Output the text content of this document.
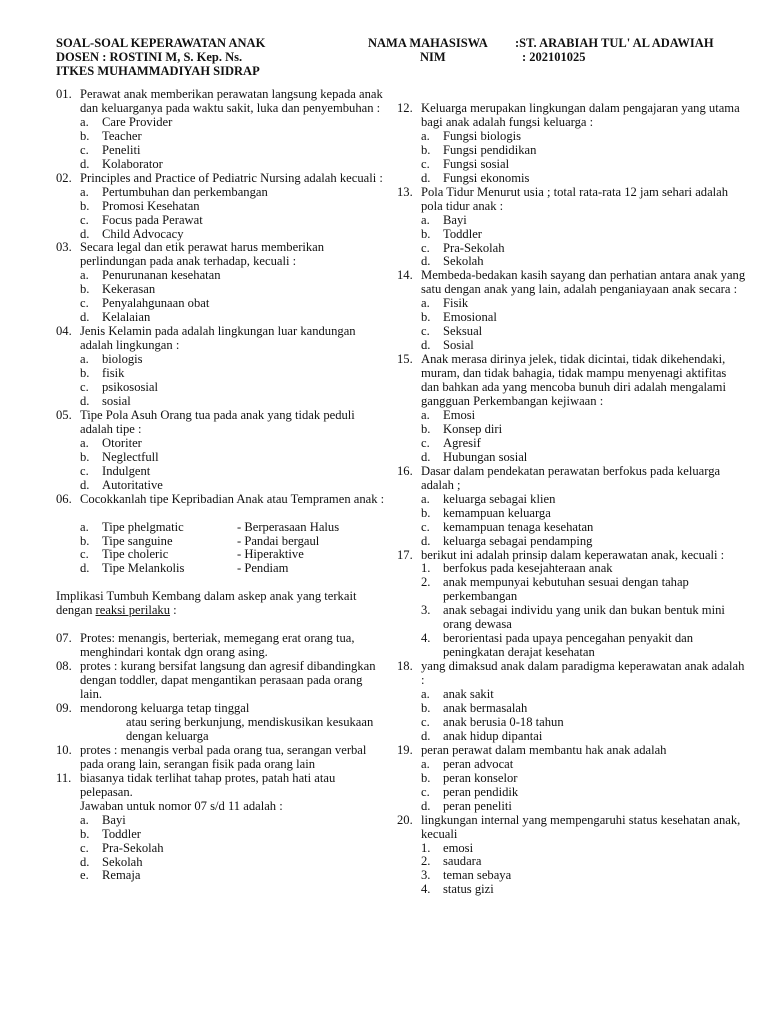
SOAL-SOAL KEPERAWATAN ANAK
DOSEN : ROSTINI M, S. Kep. Ns.
ITKES MUHAMMADIYAH SIDRAP
NAMA MAHASISWA :ST. ARABIAH TUL' AL ADAWIAH
NIM	: 202101025
01. Perawat anak memberikan perawatan langsung kepada anak dan keluarganya pada waktu sakit, luka dan penyembuhan :
a. Care Provider
b. Teacher
c. Peneliti
d. Kolaborator
02. Principles and Practice of Pediatric Nursing adalah kecuali :
a. Pertumbuhan dan perkembangan
b. Promosi Kesehatan
c. Focus pada Perawat
d. Child Advocacy
03. Secara legal dan etik perawat harus memberikan perlindungan pada anak terhadap, kecuali :
a. Penurunanan kesehatan
b. Kekerasan
c. Penyalahgunaan obat
d. Kelalaian
04. Jenis Kelamin pada adalah lingkungan luar kandungan adalah lingkungan :
a. biologis
b. fisik
c. psikososial
d. sosial
05. Tipe Pola Asuh Orang tua pada anak yang tidak peduli adalah tipe :
a. Otoriter
b. Neglectfull
c. Indulgent
d. Autoritative
06. Cocokkanlah tipe Kepribadian Anak atau Tempramen anak :
a. Tipe phelgmatic	- Berperasaan Halus
b. Tipe sanguine	- Pandai bergaul
c. Tipe choleric	- Hiperaktive
d. Tipe Melankolis	- Pendiam
Implikasi Tumbuh Kembang dalam askep anak yang terkait dengan reaksi perilaku :
07. Protes: menangis, berteriak, memegang erat orang tua, menghindari kontak dgn orang asing.
08. protes : kurang bersifat langsung dan agresif dibandingkan dengan toddler, dapat mengantikan perasaan pada orang lain.
09. mendorong keluarga tetap tinggal
atau sering berkunjung, mendiskusikan kesukaan dengan keluarga
10. protes : menangis verbal pada orang tua, serangan verbal pada orang lain, serangan fisik pada orang lain
11. biasanya tidak terlihat tahap protes, patah hati atau pelepasan.
Jawaban untuk nomor 07 s/d 11 adalah :
a. Bayi
b. Toddler
c. Pra-Sekolah
d. Sekolah
e. Remaja
12. Keluarga merupakan lingkungan dalam pengajaran yang utama bagi anak adalah fungsi keluarga :
a. Fungsi biologis
b. Fungsi pendidikan
c. Fungsi sosial
d. Fungsi ekonomis
13. Pola Tidur Menurut usia ; total rata-rata 12 jam sehari adalah pola tidur anak :
a. Bayi
b. Toddler
c. Pra-Sekolah
d. Sekolah
14. Membeda-bedakan kasih sayang dan perhatian antara anak yang satu dengan anak yang lain, adalah penganiayaan anak secara :
a. Fisik
b. Emosional
c. Seksual
d. Sosial
15. Anak merasa dirinya jelek, tidak dicintai, tidak dikehendaki, muram, dan tidak bahagia, tidak mampu menyenagi aktifitas dan bahkan ada yang mencoba bunuh diri adalah mengalami gangguan Perkembangan kejiwaan :
a. Emosi
b. Konsep diri
c. Agresif
d. Hubungan sosial
16. Dasar dalam pendekatan perawatan berfokus pada keluarga adalah ;
a. keluarga sebagai klien
b. kemampuan keluarga
c. kemampuan tenaga kesehatan
d. keluarga sebagai pendamping
17. berikut ini adalah prinsip dalam keperawatan anak, kecuali :
1. berfokus pada kesejahteraan anak
2. anak mempunyai kebutuhan sesuai dengan tahap perkembangan
3. anak sebagai individu yang unik dan bukan bentuk mini orang dewasa
4. berorientasi pada upaya pencegahan penyakit dan peningkatan derajat kesehatan
18. yang dimaksud anak dalam paradigma keperawatan anak adalah :
a. anak sakit
b. anak bermasalah
c. anak berusia 0-18 tahun
d. anak hidup dipantai
19. peran perawat dalam membantu hak anak adalah
a. peran advocat
b. peran konselor
c. peran pendidik
d. peran peneliti
20. lingkungan internal yang mempengaruhi status kesehatan anak, kecuali
1. emosi
2. saudara
3. teman sebaya
4. status gizi
